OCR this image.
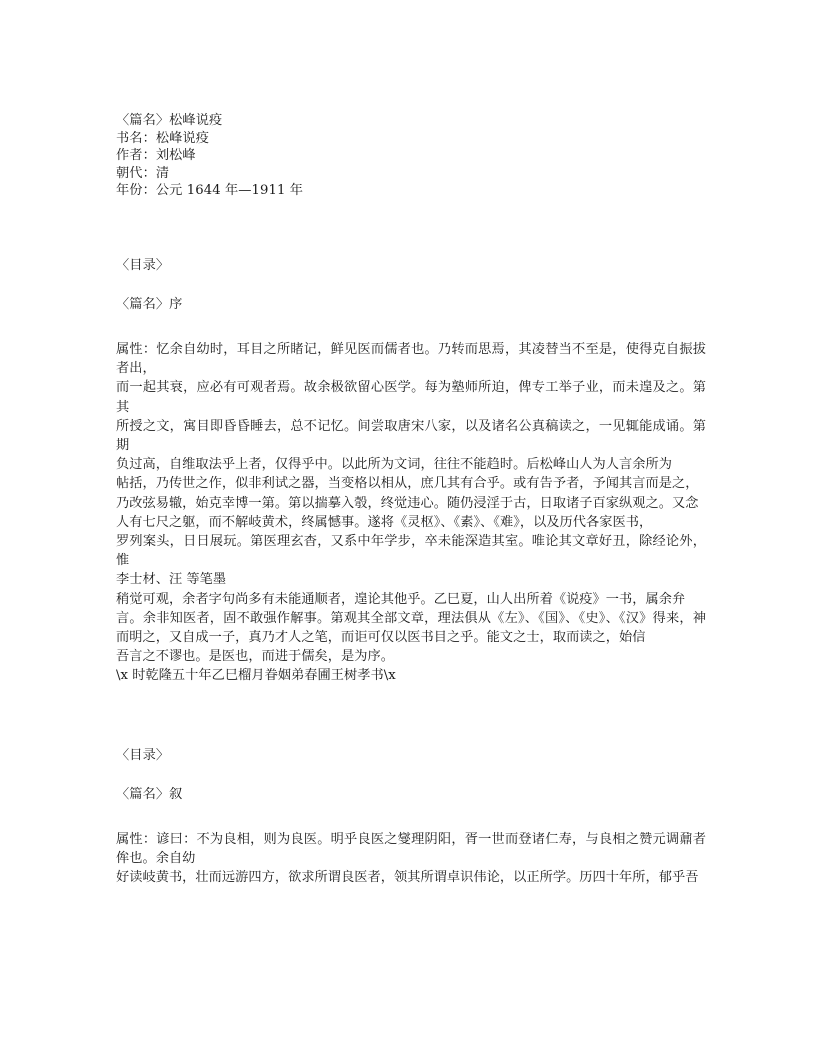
〈篇名〉松峰说疫
书名：松峰说疫
作者：刘松峰
朝代：清
年份：公元 1644 年—1911 年
〈目录〉
〈篇名〉序
属性：忆余自幼时，耳目之所睹记，鲜见医而儒者也。乃转而思焉，其凌替当不至是，使得克自振拔者出，
而一起其衰，应必有可观者焉。故余极欲留心医学。每为塾师所迫，俾专工举子业，而未遑及之。第其
所授之文，寓目即昏昏睡去，总不记忆。间尝取唐宋八家，以及诸名公真稿读之，一见辄能成诵。第期
负过高，自维取法乎上者，仅得乎中。以此所为文词，往往不能趋时。后松峰山人为人言余所为
帖括，乃传世之作，似非利试之器，当变格以相从，庶几其有合乎。或有告予者，予闻其言而是之，
乃改弦易辙，始克幸博一第。第以揣摹入彀，终觉违心。随仍浸淫于古，日取诸子百家纵观之。又念
人有七尺之躯，而不解岐黄术，终属憾事。遂将《灵枢》、《素》、《难》，以及历代各家医书，
罗列案头，日日展玩。第医理玄杳，又系中年学步，卒未能深造其室。唯论其文章好丑，除经论外，惟
李士材、汪 等笔墨
稍觉可观，余者字句尚多有未能通顺者，遑论其他乎。乙巳夏，山人出所着《说疫》一书，属余弁
言。余非知医者，固不敢强作解事。第观其全部文章，理法俱从《左》、《国》、《史》、《汉》得来，神而明之，又自成一子，真乃才人之笔，而讵可仅以医书目之乎。能文之士，取而读之，始信
吾言之不谬也。是医也，而进于儒矣，是为序。
\x 时乾隆五十年乙巳榴月眷姻弟春圃王树孝书\x
〈目录〉
〈篇名〉叙
属性：谚曰：不为良相，则为良医。明乎良医之燮理阴阳，胥一世而登诸仁寿，与良相之赞元调鼐者侔也。余自幼
好读岐黄书，壮而远游四方，欲求所谓良医者，领其所谓卓识伟论，以正所学。历四十年所，郁乎吾
